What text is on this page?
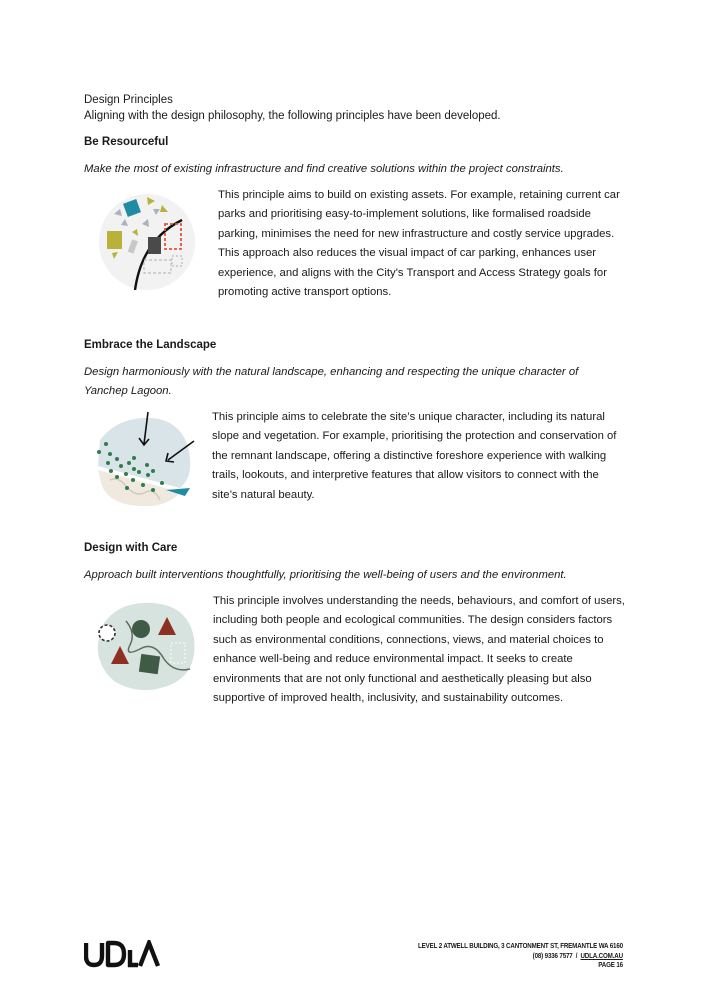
Design Principles
Aligning with the design philosophy, the following principles have been developed.
Be Resourceful
Make the most of existing infrastructure and find creative solutions within the project constraints.
This principle aims to build on existing assets. For example, retaining current car parks and prioritising easy-to-implement solutions, like formalised roadside parking, minimises the need for new infrastructure and costly service upgrades. This approach also reduces the visual impact of car parking, enhances user experience, and aligns with the City's Transport and Access Strategy goals for promoting active transport options.
Embrace the Landscape
Design harmoniously with the natural landscape, enhancing and respecting the unique character of Yanchep Lagoon.
This principle aims to celebrate the site’s unique character, including its natural slope and vegetation. For example, prioritising the protection and conservation of the remnant landscape, offering a distinctive foreshore experience with walking trails, lookouts, and interpretive features that allow visitors to connect with the site’s natural beauty.
Design with Care
Approach built interventions thoughtfully, prioritising the well-being of users and the environment.
This principle involves understanding the needs, behaviours, and comfort of users, including both people and ecological communities. The design considers factors such as environmental conditions, connections, views, and material choices to enhance well-being and reduce environmental impact. It seeks to create environments that are not only functional and aesthetically pleasing but also supportive of improved health, inclusivity, and sustainability outcomes.
LEVEL 2 ATWELL BUILDING, 3 CANTONMENT ST, FREMANTLE WA 6160
(08) 9336 7577 / UDLA.COM.AU
PAGE 16
